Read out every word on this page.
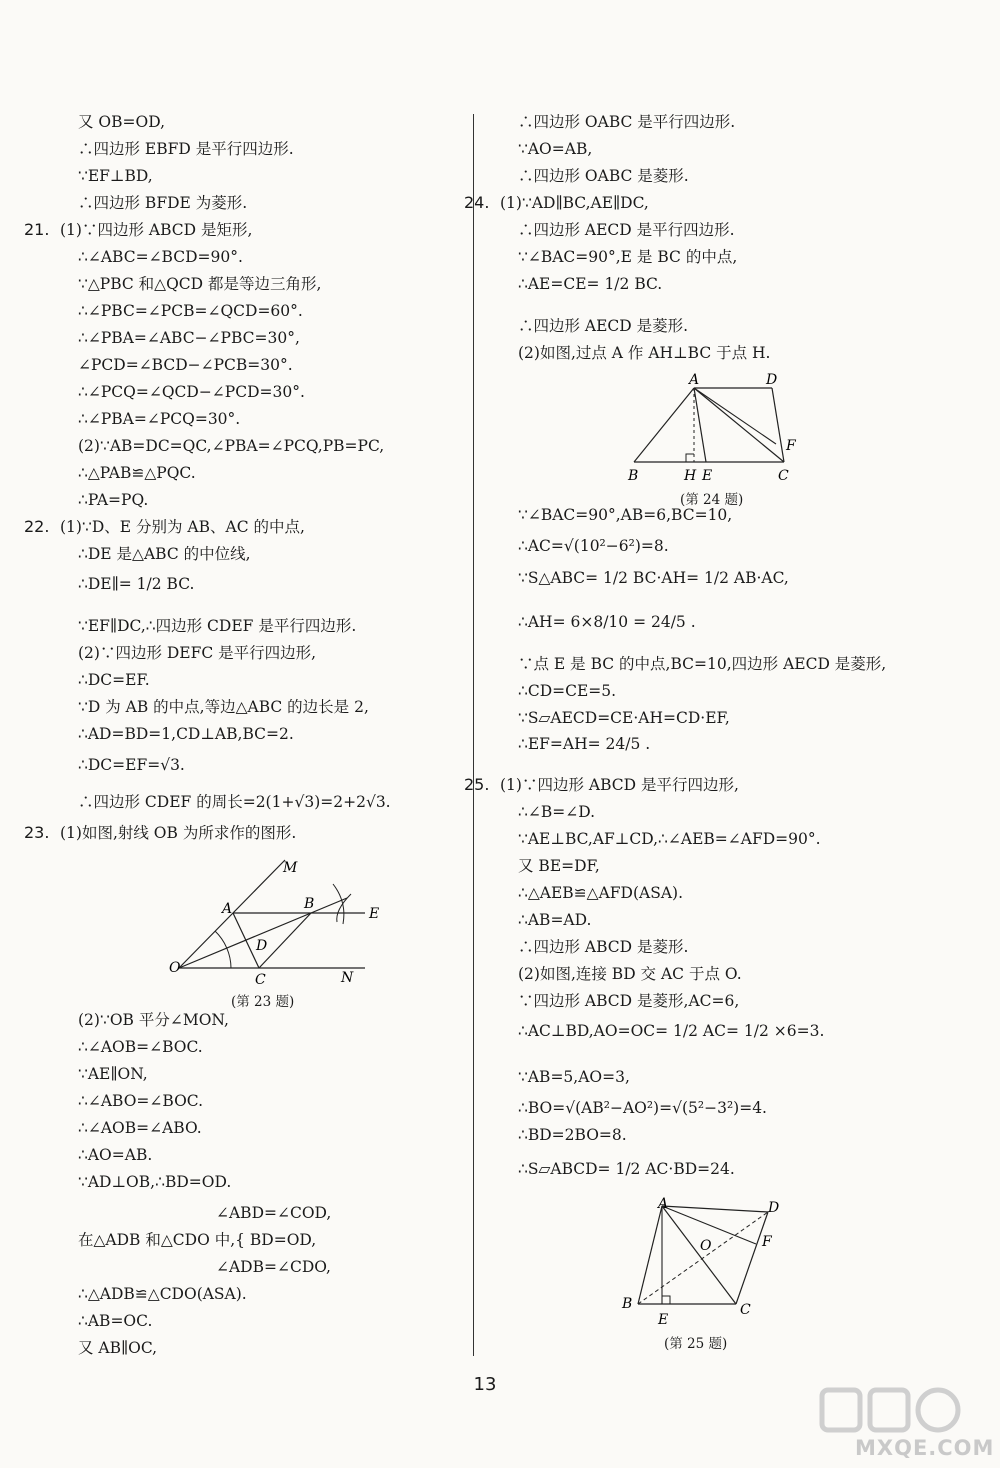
又 OB=OD,
∴四边形 EBFD 是平行四边形.
∵EF⊥BD,
∴四边形 BFDE 为菱形.
21. (1)∵四边形 ABCD 是矩形,
∴∠ABC=∠BCD=90°.
∵△PBC 和△QCD 都是等边三角形,
∴∠PBC=∠PCB=∠QCD=60°.
∴∠PBA=∠ABC−∠PBC=30°,
∠PCD=∠BCD−∠PCB=30°.
∴∠PCQ=∠QCD−∠PCD=30°.
∴∠PBA=∠PCQ=30°.
(2)∵AB=DC=QC,∠PBA=∠PCQ,PB=PC,
∴△PAB≌△PQC.
∴PA=PQ.
22. (1)∵D、E 分别为 AB、AC 的中点,
∴DE 是△ABC 的中位线,
∴DE∥= 1/2 BC.
∵EF∥DC,∴四边形 CDEF 是平行四边形.
(2)∵四边形 DEFC 是平行四边形,
∴DC=EF.
∵D 为 AB 的中点,等边△ABC 的边长是 2,
∴AD=BD=1,CD⊥AB,BC=2.
∴DC=EF=√3.
∴四边形 CDEF 的周长=2(1+√3)=2+2√3.
23. (1)如图,射线 OB 为所求作的图形.
(2)∵OB 平分∠MON,
∴∠AOB=∠BOC.
∵AE∥ON,
∴∠ABO=∠BOC.
∴∠AOB=∠ABO.
∴AO=AB.
∵AD⊥OB,∴BD=OD.
∠ABD=∠COD,
在△ADB 和△CDO 中,{ BD=OD,
∠ADB=∠CDO,
∴△ADB≌△CDO(ASA).
∴AB=OC.
又 AB∥OC,
∴四边形 OABC 是平行四边形.
∵AO=AB,
∴四边形 OABC 是菱形.
24. (1)∵AD∥BC,AE∥DC,
∴四边形 AECD 是平行四边形.
∵∠BAC=90°,E 是 BC 的中点,
∴AE=CE= 1/2 BC.
∴四边形 AECD 是菱形.
(2)如图,过点 A 作 AH⊥BC 于点 H.
∵∠BAC=90°,AB=6,BC=10,
∴AC=√(10²−6²)=8.
∵S△ABC= 1/2 BC·AH= 1/2 AB·AC,
∴AH= 6×8/10 = 24/5 .
∵点 E 是 BC 的中点,BC=10,四边形 AECD 是菱形,
∴CD=CE=5.
∵S▱AECD=CE·AH=CD·EF,
∴EF=AH= 24/5 .
25. (1)∵四边形 ABCD 是平行四边形,
∴∠B=∠D.
∵AE⊥BC,AF⊥CD,∴∠AEB=∠AFD=90°.
又 BE=DF,
∴△AEB≌△AFD(ASA).
∴AB=AD.
∴四边形 ABCD 是菱形.
(2)如图,连接 BD 交 AC 于点 O.
∵四边形 ABCD 是菱形,AC=6,
∴AC⊥BD,AO=OC= 1/2 AC= 1/2 ×6=3.
∵AB=5,AO=3,
∴BO=√(AB²−AO²)=√(5²−3²)=4.
∴BD=2BO=8.
∴S▱ABCD= 1/2 AC·BD=24.
M
A	B
E
D
O
C	N
(第 23 题)
A	D
F
B	H E	C
(第 24 题)
A	D
O	F
B
E
C
(第 25 题)
13
MXQE.COM
